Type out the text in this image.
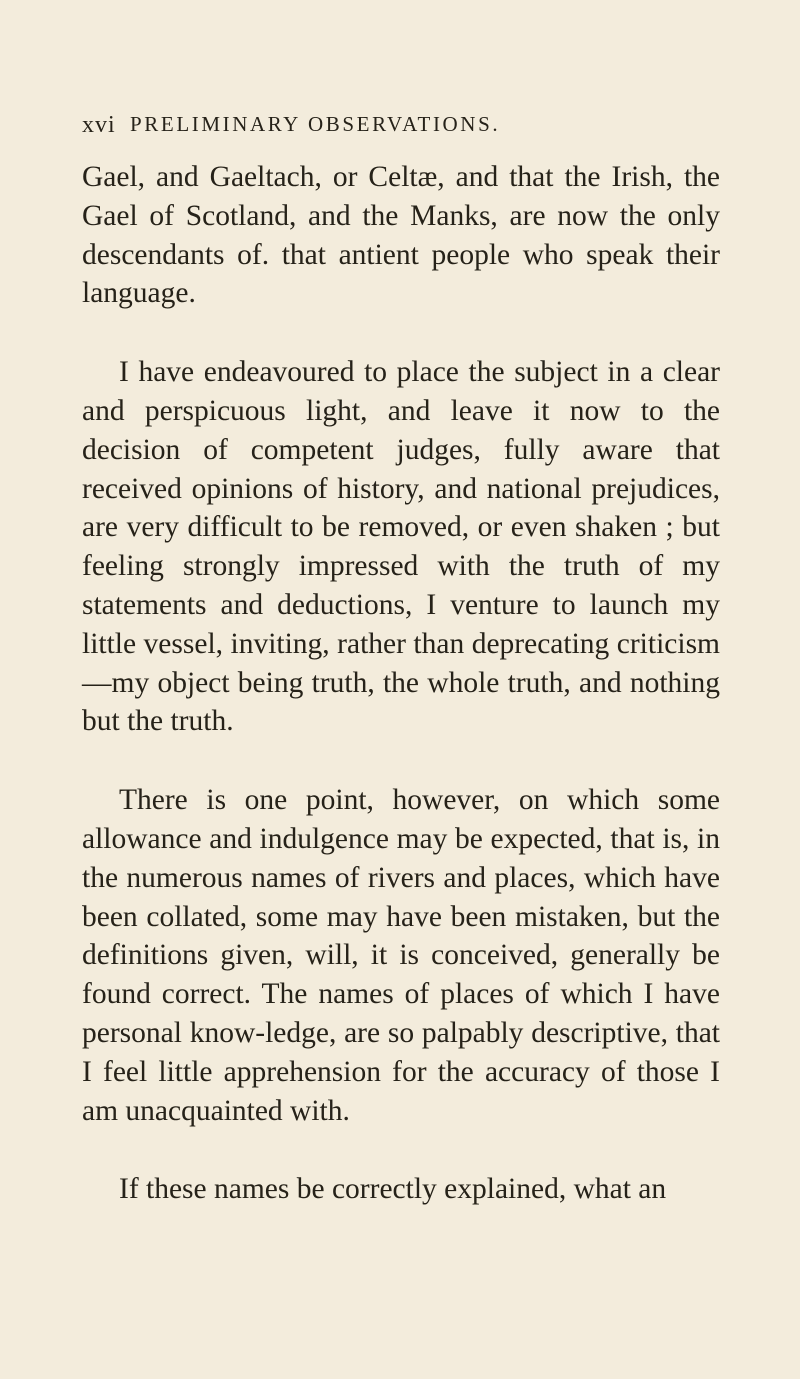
xvi PRELIMINARY OBSERVATIONS.

Gael, and Gaeltach, or Celtæ, and that the Irish, the Gael of Scotland, and the Manks, are now the only descendants of. that antient people who speak their language.

I have endeavoured to place the subject in a clear and perspicuous light, and leave it now to the decision of competent judges, fully aware that received opinions of history, and national prejudices, are very difficult to be removed, or even shaken ; but feeling strongly impressed with the truth of my statements and deductions, I venture to launch my little vessel, inviting, rather than deprecating criticism—my object being truth, the whole truth, and nothing but the truth.

There is one point, however, on which some allowance and indulgence may be expected, that is, in the numerous names of rivers and places, which have been collated, some may have been mistaken, but the definitions given, will, it is conceived, generally be found correct. The names of places of which I have personal know-ledge, are so palpably descriptive, that I feel little apprehension for the accuracy of those I am unacquainted with.

If these names be correctly explained, what an
